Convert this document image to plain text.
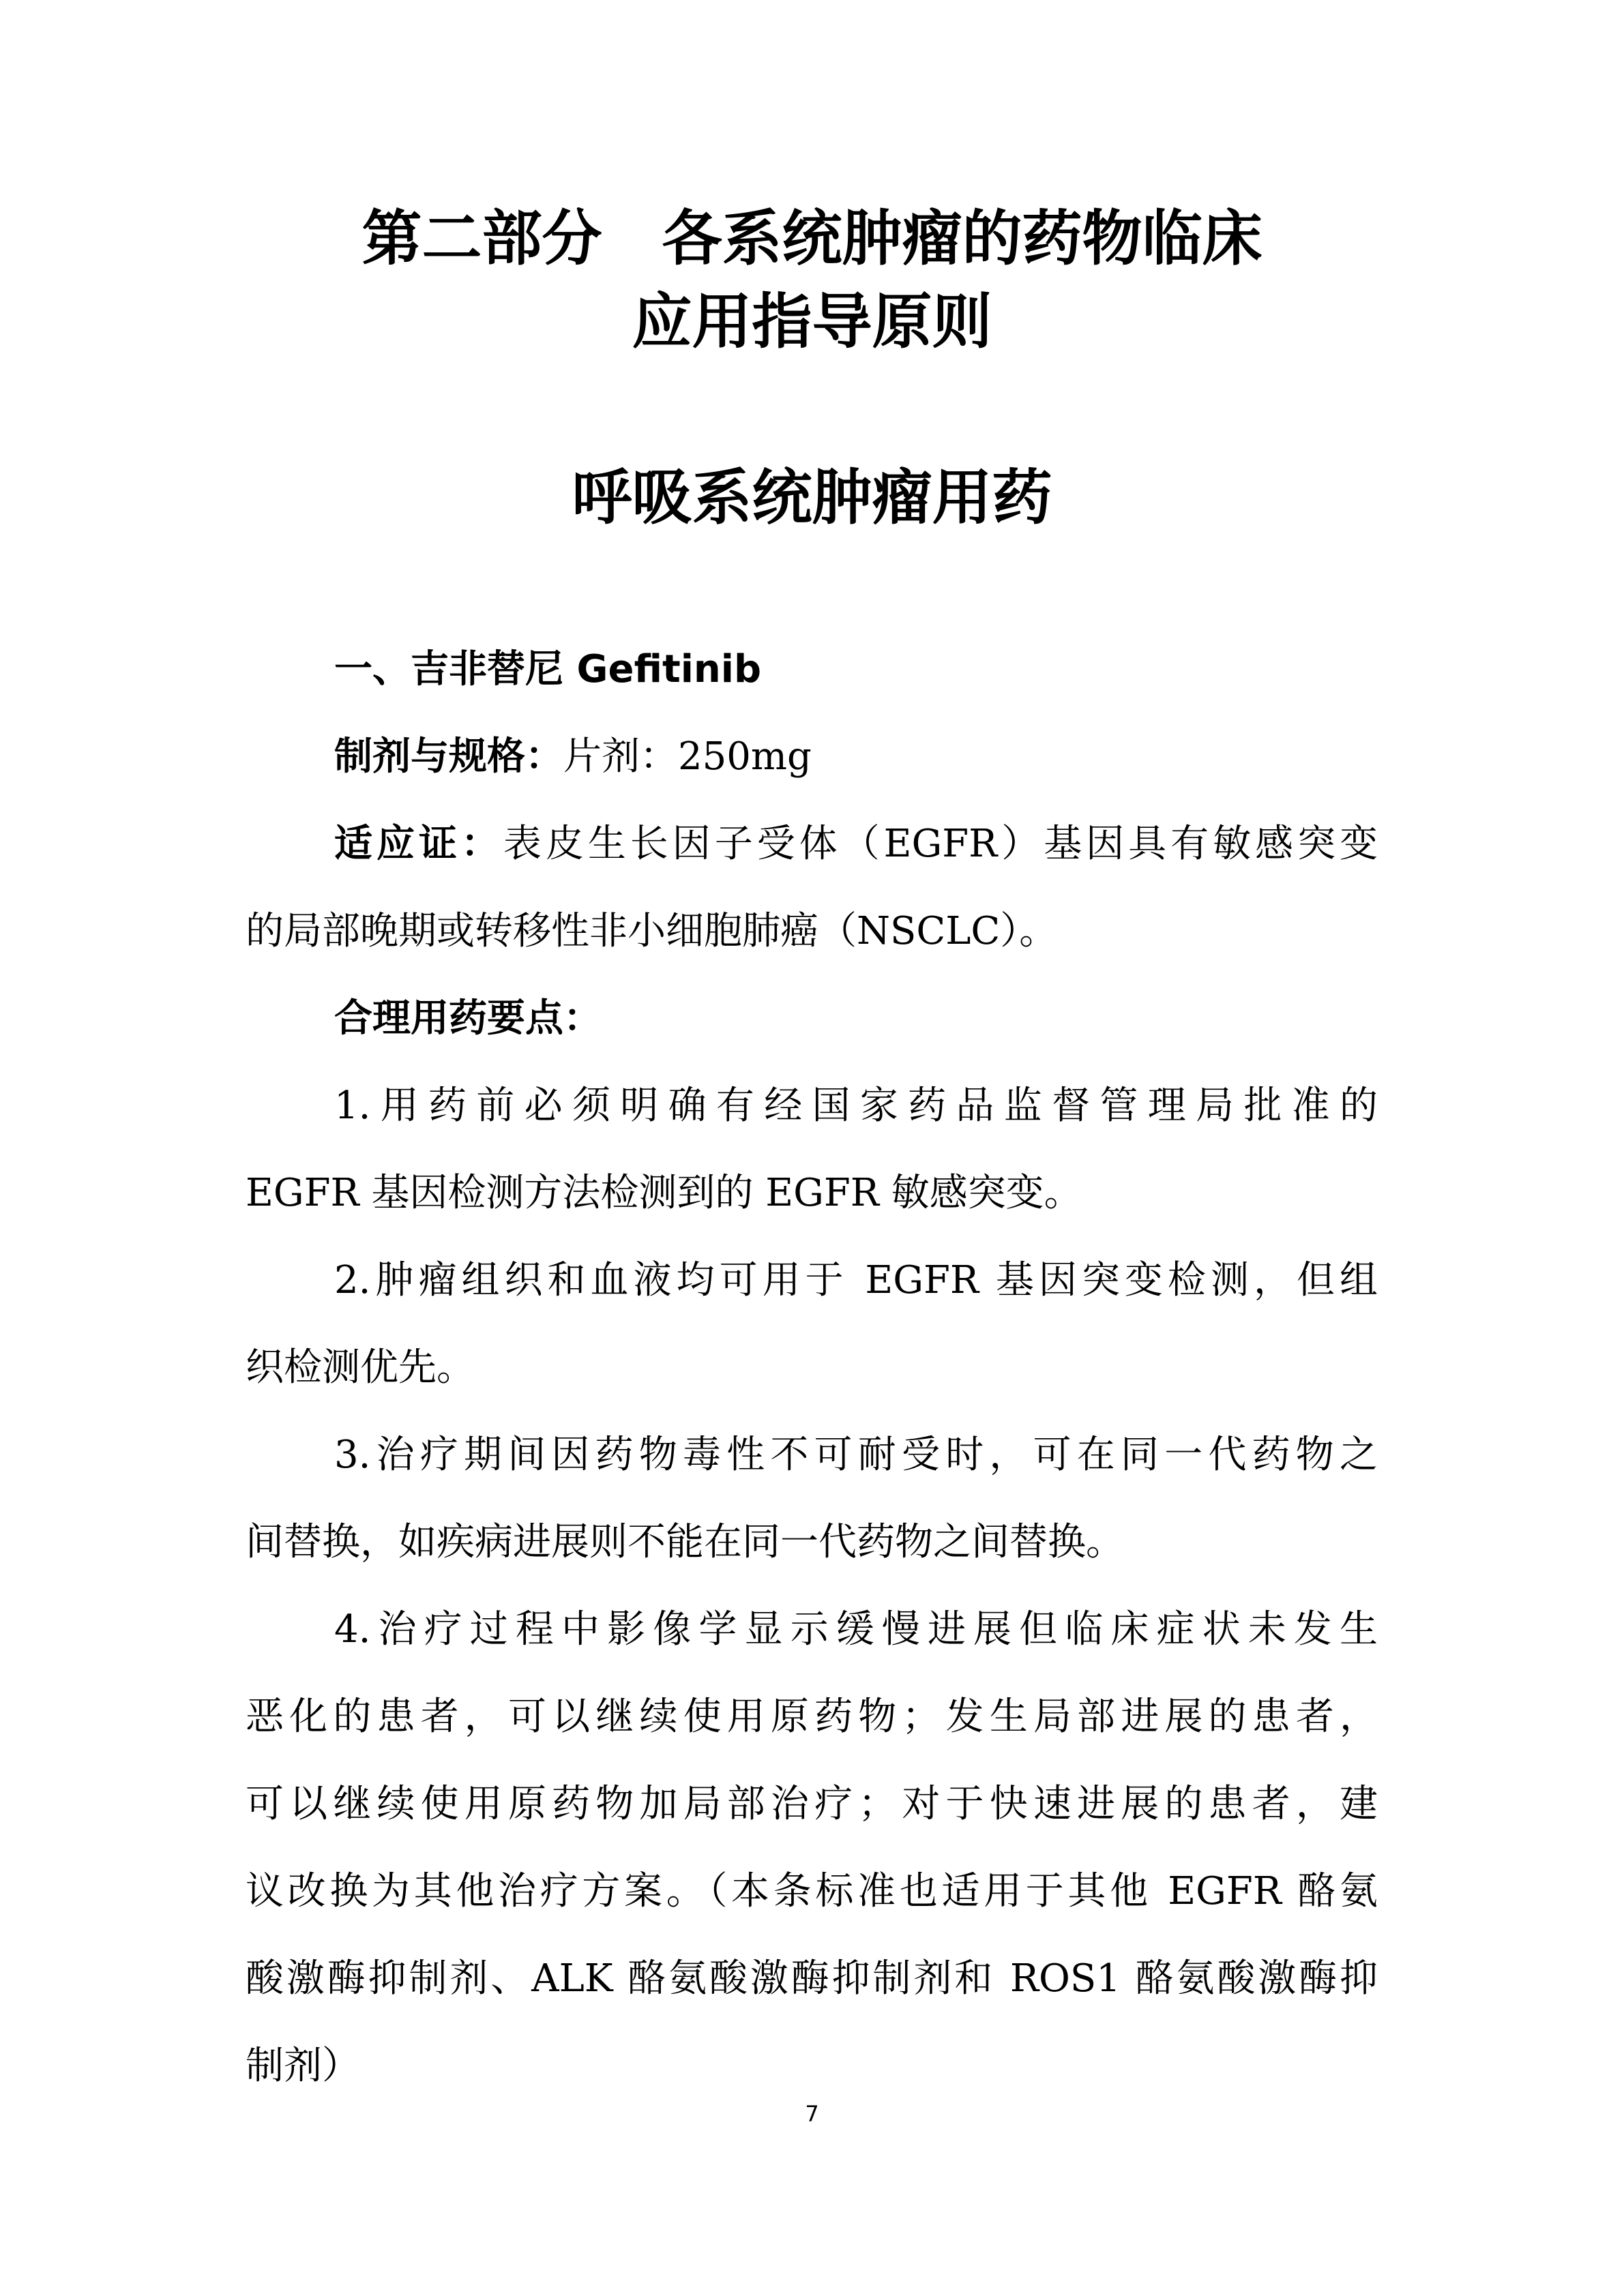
第二部分　各系统肿瘤的药物临床
应用指导原则
呼吸系统肿瘤用药
一、吉非替尼 Gefitinib
制剂与规格：片剂：250mg
适应证：表皮生长因子受体（EGFR）基因具有敏感突变
的局部晚期或转移性非小细胞肺癌（NSCLC）。
合理用药要点：
1.用药前必须明确有经国家药品监督管理局批准的
EGFR 基因检测方法检测到的 EGFR 敏感突变。
2.肿瘤组织和血液均可用于 EGFR 基因突变检测，但组
织检测优先。
3.治疗期间因药物毒性不可耐受时，可在同一代药物之
间替换，如疾病进展则不能在同一代药物之间替换。
4.治疗过程中影像学显示缓慢进展但临床症状未发生
恶化的患者，可以继续使用原药物；发生局部进展的患者，
可以继续使用原药物加局部治疗；对于快速进展的患者，建
议改换为其他治疗方案。（本条标准也适用于其他 EGFR 酪氨
酸激酶抑制剂、ALK 酪氨酸激酶抑制剂和 ROS1 酪氨酸激酶抑
制剂）
7
